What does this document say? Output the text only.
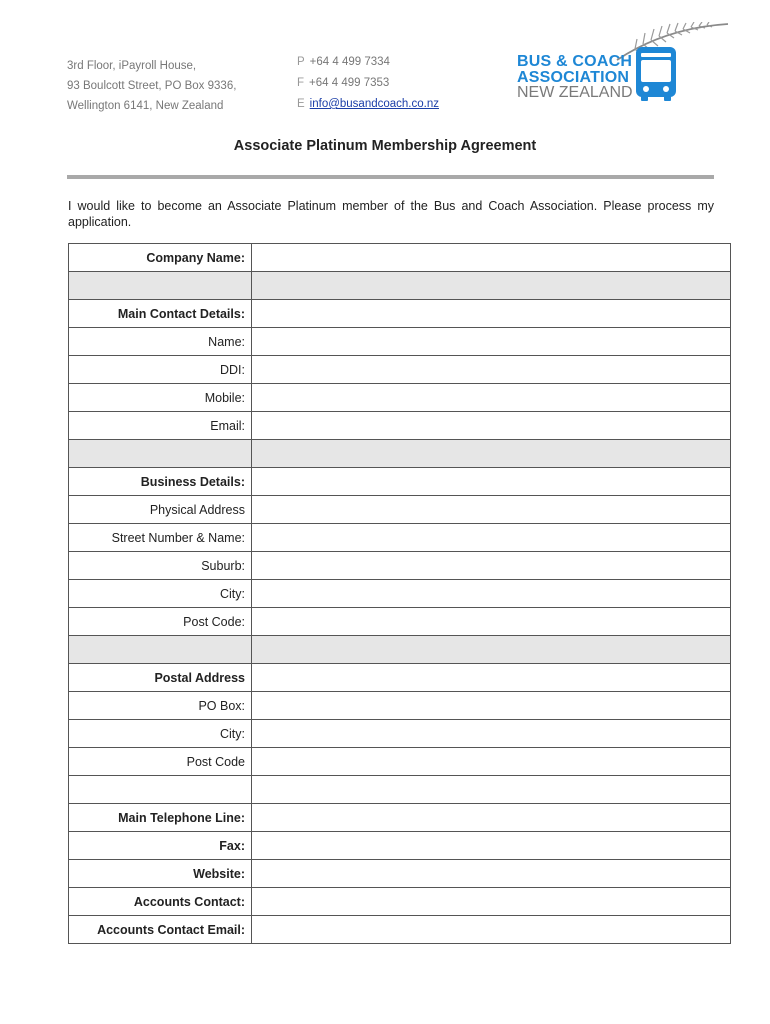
3rd Floor, iPayroll House,
93 Boulcott Street, PO Box 9336,
Wellington 6141, New Zealand
P +64 4 499 7334
F +64 4 499 7353
E info@busandcoach.co.nz
BUS & COACH
ASSOCIATION
NEW ZEALAND
Associate Platinum Membership Agreement
I would like to become an Associate Platinum member of the Bus and Coach Association. Please process my application.
Company Name:	

Main Contact Details:	
Name:	
DDI:	
Mobile:	
Email:	

Business Details:	
Physical Address	
Street Number & Name:	
Suburb:	
City:	
Post Code:	

Postal Address	
PO Box:	
City:	
Post Code	

Main Telephone Line:	
Fax:	
Website:	
Accounts Contact:	
Accounts Contact Email:	
